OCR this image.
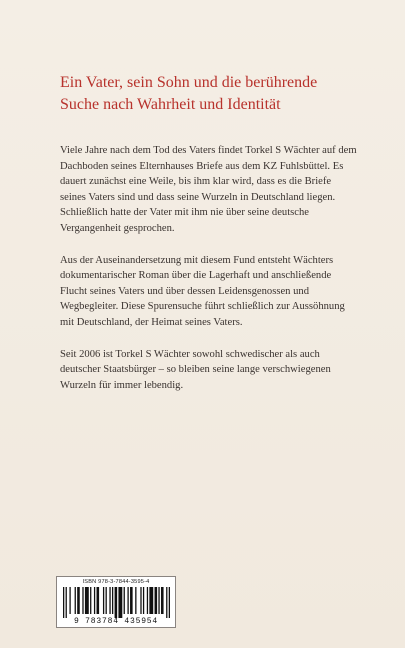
Ein Vater, sein Sohn und die berührende Suche nach Wahrheit und Identität

Viele Jahre nach dem Tod des Vaters findet Torkel S Wächter auf dem Dachboden seines Elternhauses Briefe aus dem KZ Fuhlsbüttel. Es dauert zunächst eine Weile, bis ihm klar wird, dass es die Briefe seines Vaters sind und dass seine Wurzeln in Deutschland liegen. Schließlich hatte der Vater mit ihm nie über seine deutsche Vergangenheit gesprochen.

Aus der Auseinandersetzung mit diesem Fund entsteht Wächters dokumentarischer Roman über die Lagerhaft und anschließende Flucht seines Vaters und über dessen Leidensgenossen und Wegbegleiter. Diese Spurensuche führt schließlich zur Aussöhnung mit Deutschland, der Heimat seines Vaters.

Seit 2006 ist Torkel S Wächter sowohl schwedischer als auch deutscher Staatsbürger – so bleiben seine lange verschwiegenen Wurzeln für immer lebendig.

ISBN 978-3-7844-3595-4
9 783784 435954
